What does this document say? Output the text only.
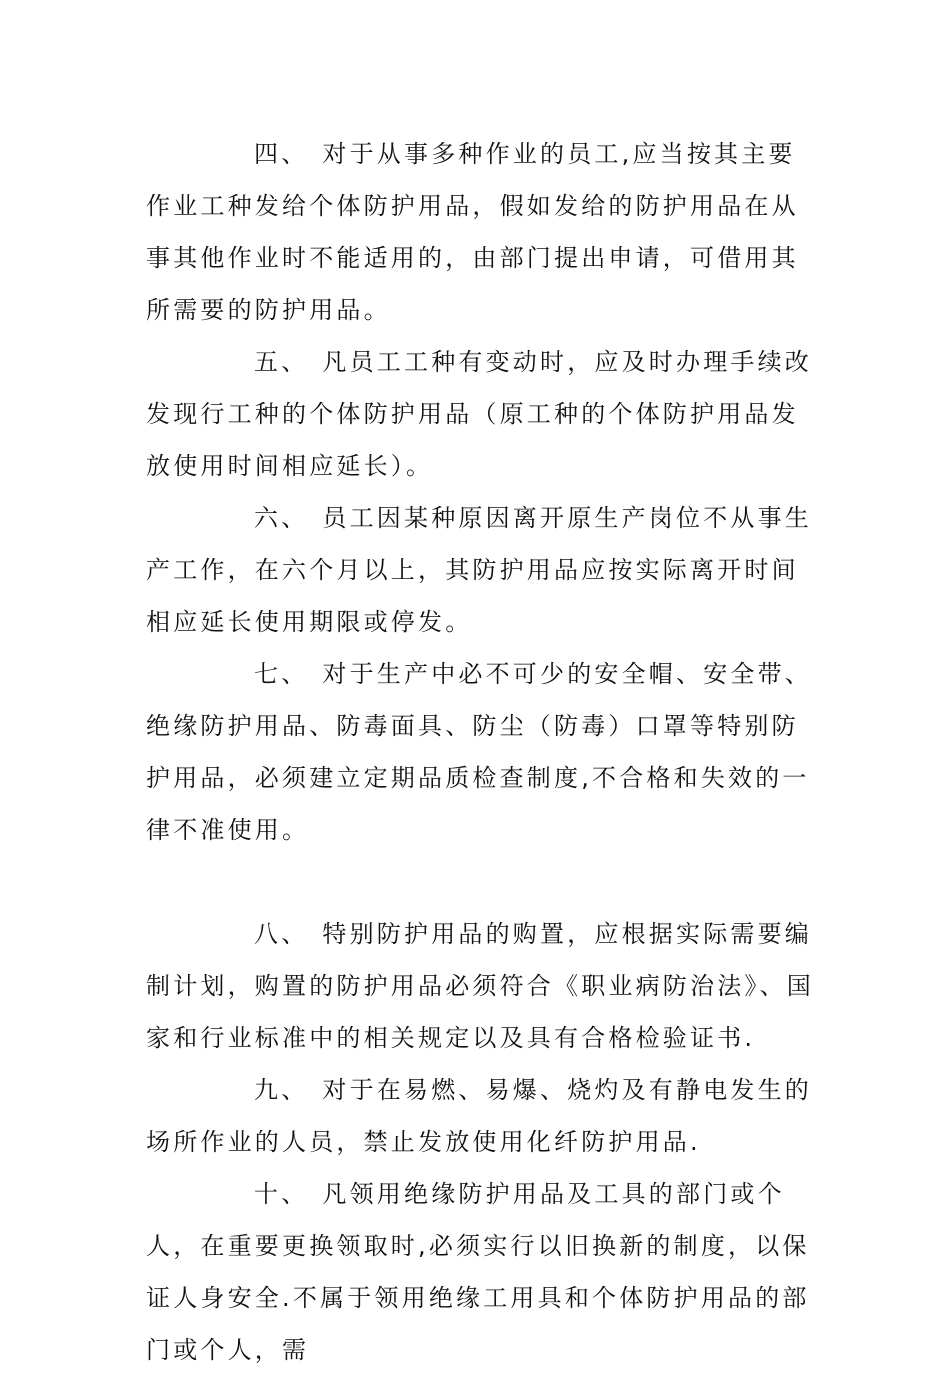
四、 对于从事多种作业的员工,应当按其主要作业工种发给个体防护用品，假如发给的防护用品在从事其他作业时不能适用的，由部门提出申请，可借用其所需要的防护用品。

五、 凡员工工种有变动时，应及时办理手续改发现行工种的个体防护用品（原工种的个体防护用品发放使用时间相应延长）。

六、 员工因某种原因离开原生产岗位不从事生产工作，在六个月以上，其防护用品应按实际离开时间相应延长使用期限或停发。

七、 对于生产中必不可少的安全帽、安全带、绝缘防护用品、防毒面具、防尘（防毒）口罩等特别防护用品，必须建立定期品质检查制度,不合格和失效的一律不准使用。

八、 特别防护用品的购置，应根据实际需要编制计划，购置的防护用品必须符合《职业病防治法》、国家和行业标准中的相关规定以及具有合格检验证书.

九、 对于在易燃、易爆、烧灼及有静电发生的场所作业的人员，禁止发放使用化纤防护用品.

十、 凡领用绝缘防护用品及工具的部门或个人，在重要更换领取时,必须实行以旧换新的制度，以保证人身安全.不属于领用绝缘工用具和个体防护用品的部门或个人，需
